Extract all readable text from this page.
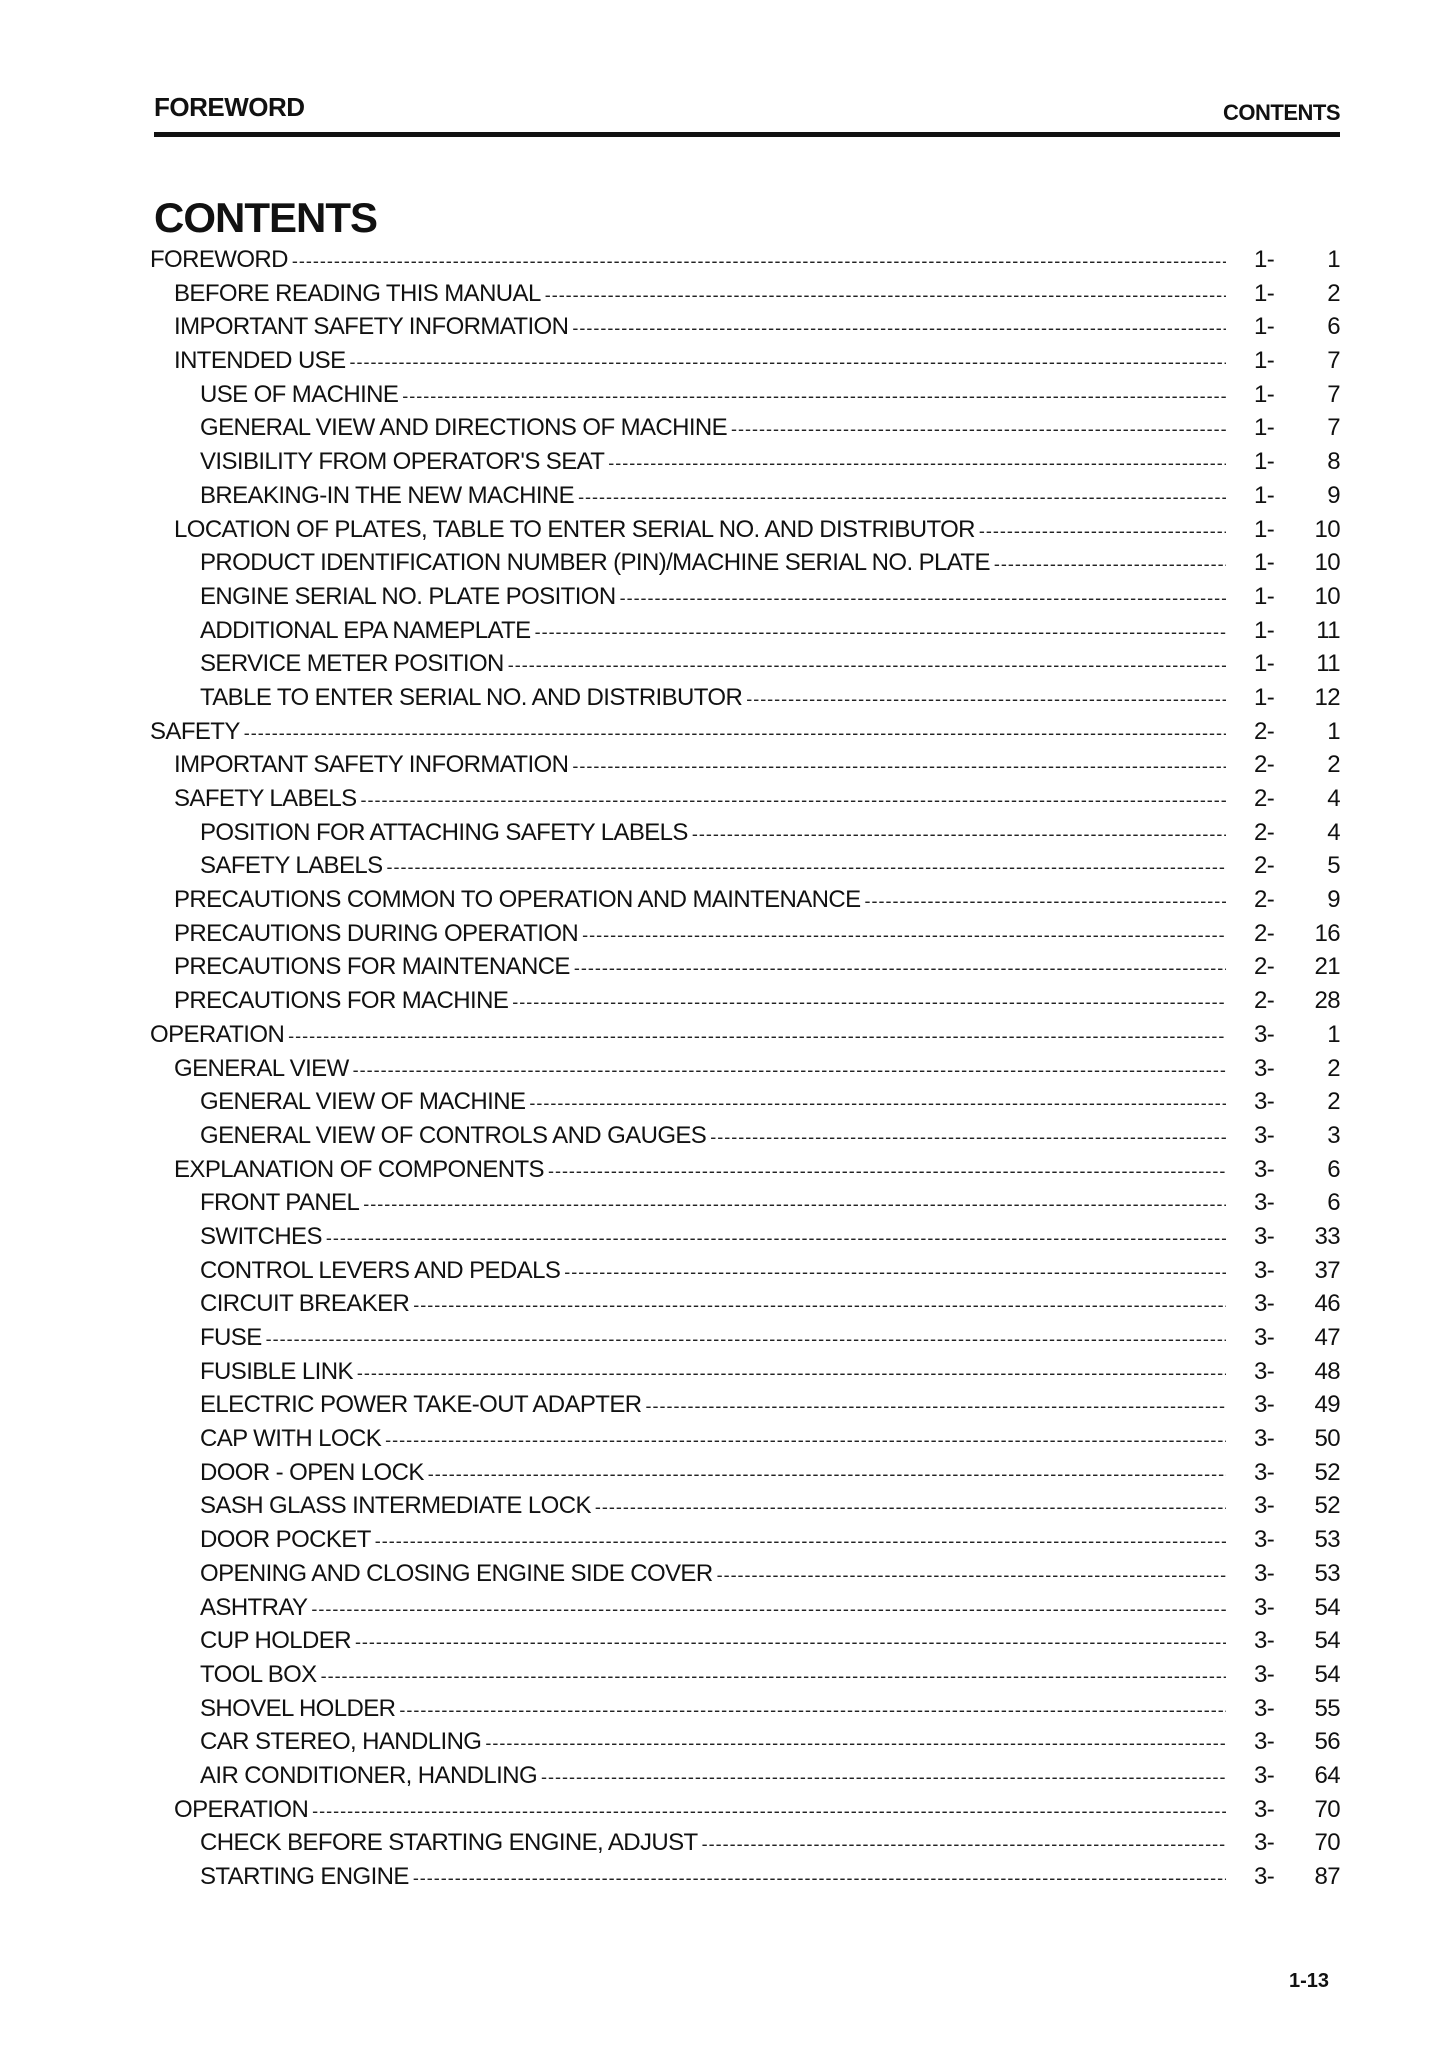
FOREWORD	CONTENTS
CONTENTS
FOREWORD -----	1-	1
BEFORE READING THIS MANUAL -----	1-	2
IMPORTANT SAFETY INFORMATION -----	1-	6
INTENDED USE -----	1-	7
USE OF MACHINE -----	1-	7
GENERAL VIEW AND DIRECTIONS OF MACHINE -----	1-	7
VISIBILITY FROM OPERATOR'S SEAT -----	1-	8
BREAKING-IN THE NEW MACHINE -----	1-	9
LOCATION OF PLATES, TABLE TO ENTER SERIAL NO. AND DISTRIBUTOR -----	1-	10
PRODUCT IDENTIFICATION NUMBER (PIN)/MACHINE SERIAL NO. PLATE -----	1-	10
ENGINE SERIAL NO. PLATE POSITION -----	1-	10
ADDITIONAL EPA NAMEPLATE -----	1-	11
SERVICE METER POSITION -----	1-	11
TABLE TO ENTER SERIAL NO. AND DISTRIBUTOR -----	1-	12
SAFETY -----	2-	1
IMPORTANT SAFETY INFORMATION -----	2-	2
SAFETY LABELS -----	2-	4
POSITION FOR ATTACHING SAFETY LABELS -----	2-	4
SAFETY LABELS -----	2-	5
PRECAUTIONS COMMON TO OPERATION AND MAINTENANCE -----	2-	9
PRECAUTIONS DURING OPERATION -----	2-	16
PRECAUTIONS FOR MAINTENANCE -----	2-	21
PRECAUTIONS FOR MACHINE -----	2-	28
OPERATION -----	3-	1
GENERAL VIEW -----	3-	2
GENERAL VIEW OF MACHINE -----	3-	2
GENERAL VIEW OF CONTROLS AND GAUGES -----	3-	3
EXPLANATION OF COMPONENTS -----	3-	6
FRONT PANEL -----	3-	6
SWITCHES -----	3-	33
CONTROL LEVERS AND PEDALS -----	3-	37
CIRCUIT BREAKER -----	3-	46
FUSE -----	3-	47
FUSIBLE LINK -----	3-	48
ELECTRIC POWER TAKE-OUT ADAPTER -----	3-	49
CAP WITH LOCK -----	3-	50
DOOR - OPEN LOCK -----	3-	52
SASH GLASS INTERMEDIATE LOCK -----	3-	52
DOOR POCKET -----	3-	53
OPENING AND CLOSING ENGINE SIDE COVER -----	3-	53
ASHTRAY -----	3-	54
CUP HOLDER -----	3-	54
TOOL BOX -----	3-	54
SHOVEL HOLDER -----	3-	55
CAR STEREO, HANDLING -----	3-	56
AIR CONDITIONER, HANDLING -----	3-	64
OPERATION -----	3-	70
CHECK BEFORE STARTING ENGINE, ADJUST -----	3-	70
STARTING ENGINE -----	3-	87
1-13
